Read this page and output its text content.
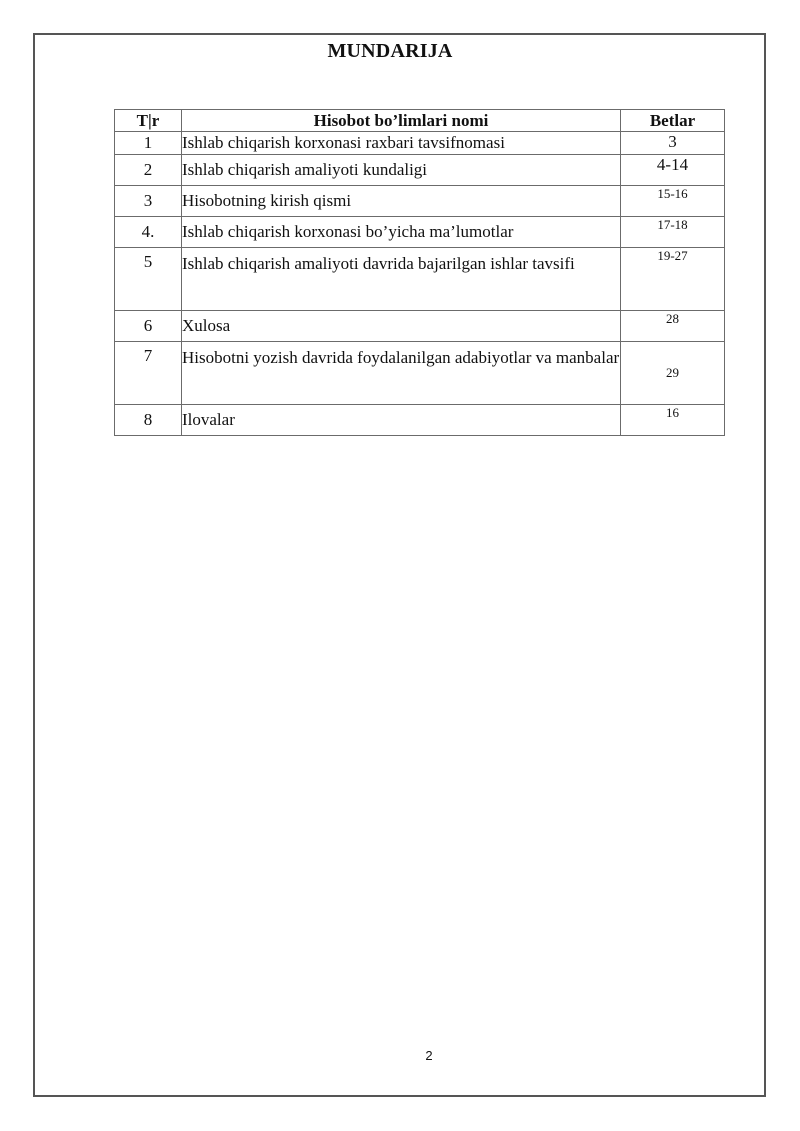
MUNDARIJA
T|r	Hisobot bo’limlari nomi	Betlar
1	Ishlab chiqarish korxonasi raxbari tavsifnomasi	3
2	Ishlab chiqarish amaliyoti kundaligi	4-14
3	Hisobotning kirish qismi	15-16
4.	Ishlab chiqarish korxonasi bo’yicha ma’lumotlar	17-18
5	Ishlab chiqarish amaliyoti davrida bajarilgan ishlar tavsifi	19-27
6	Xulosa	28
7	Hisobotni yozish davrida foydalanilgan adabiyotlar va manbalar	29
8	Ilovalar	16
2
